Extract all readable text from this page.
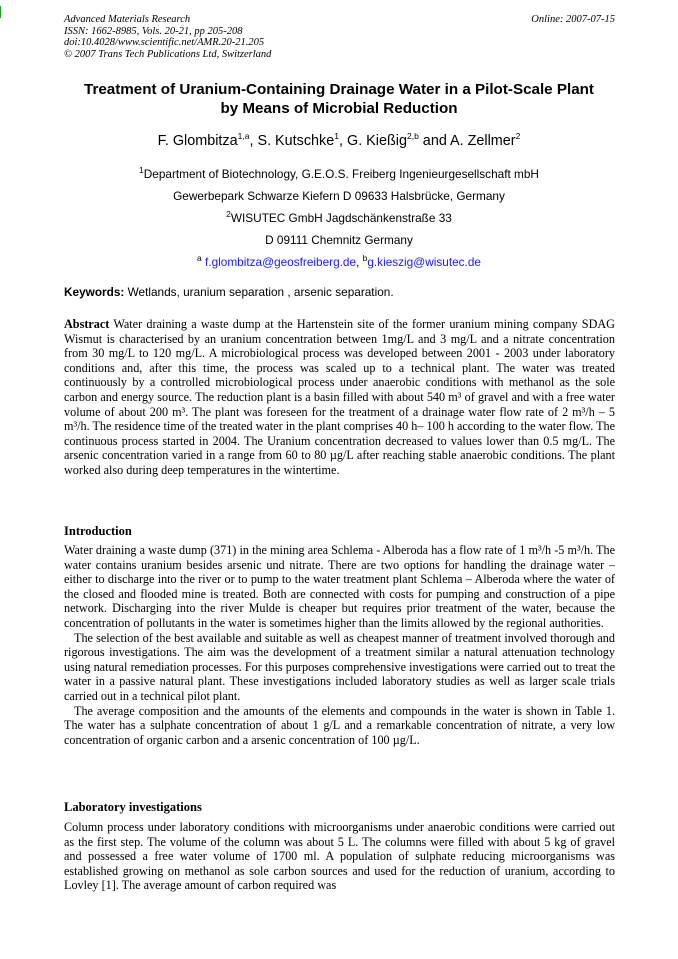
Advanced Materials Research
ISSN: 1662-8985, Vols. 20-21, pp 205-208
doi:10.4028/www.scientific.net/AMR.20-21.205
© 2007 Trans Tech Publications Ltd, Switzerland
Online: 2007-07-15
Treatment of Uranium-Containing Drainage Water in a Pilot-Scale Plant
by Means of Microbial Reduction
F. Glombitza$^{1,a}$, S. Kutschke$^1$, G. Kießig$^{2,b}$ and A. Zellmer$^2$
$^1$Department of Biotechnology, G.E.O.S. Freiberg Ingenieurgesellschaft mbH
Gewerbepark Schwarze Kiefern D 09633 Halsbrücke, Germany
$^2$WISUTEC GmbH Jagdschänkenstraße 33
D 09111 Chemnitz Germany
$^a$ f.glombitza@geosfreiberg.de, $^b$g.kieszig@wisutec.de
Keywords: Wetlands, uranium separation , arsenic separation.

Abstract Water draining a waste dump at the Hartenstein site of the former uranium mining company SDAG Wismut is characterised by an uranium concentration between 1mg/L and 3 mg/L and a nitrate concentration from 30 mg/L to 120 mg/L. A microbiological process was developed between 2001 - 2003 under laboratory conditions and, after this time, the process was scaled up to a technical plant. The water was treated continuously by a controlled microbiological process under anaerobic conditions with methanol as the sole carbon and energy source. The reduction plant is a basin filled with about 540 m³ of gravel and with a free water volume of about 200 m³. The plant was foreseen for the treatment of a drainage water flow rate of 2 m³/h – 5 m³/h. The residence time of the treated water in the plant comprises 40 h– 100 h according to the water flow. The continuous process started in 2004. The Uranium concentration decreased to values lower than 0.5 mg/L. The arsenic concentration varied in a range from 60 to 80 µg/L after reaching stable anaerobic conditions. The plant worked also during deep temperatures in the wintertime.

Introduction

Water draining a waste dump (371) in the mining area Schlema - Alberoda has a flow rate of 1 m³/h -5 m³/h. The water contains uranium besides arsenic und nitrate. There are two options for handling the drainage water – either to discharge into the river or to pump to the water treatment plant Schlema – Alberoda where the water of the closed and flooded mine is treated. Both are connected with costs for pumping and construction of a pipe network. Discharging into the river Mulde is cheaper but requires prior treatment of the water, because the concentration of pollutants in the water is sometimes higher than the limits allowed by the regional authorities.

The selection of the best available and suitable as well as cheapest manner of treatment involved thorough and rigorous investigations. The aim was the development of a treatment similar a natural attenuation technology using natural remediation processes. For this purposes comprehensive investigations were carried out to treat the water in a passive natural plant. These investigations included laboratory studies as well as larger scale trials carried out in a technical pilot plant.

The average composition and the amounts of the elements and compounds in the water is shown in Table 1. The water has a sulphate concentration of about 1 g/L and a remarkable concentration of nitrate, a very low concentration of organic carbon and a arsenic concentration of 100 µg/L.

Laboratory investigations

Column process under laboratory conditions with microorganisms under anaerobic conditions were carried out as the first step. The volume of the column was about 5 L. The columns were filled with about 5 kg of gravel and possessed a free water volume of 1700 ml. A population of sulphate reducing microorganisms was established growing on methanol as sole carbon sources and used for the reduction of uranium, according to Lovley [1]. The average amount of carbon required was
